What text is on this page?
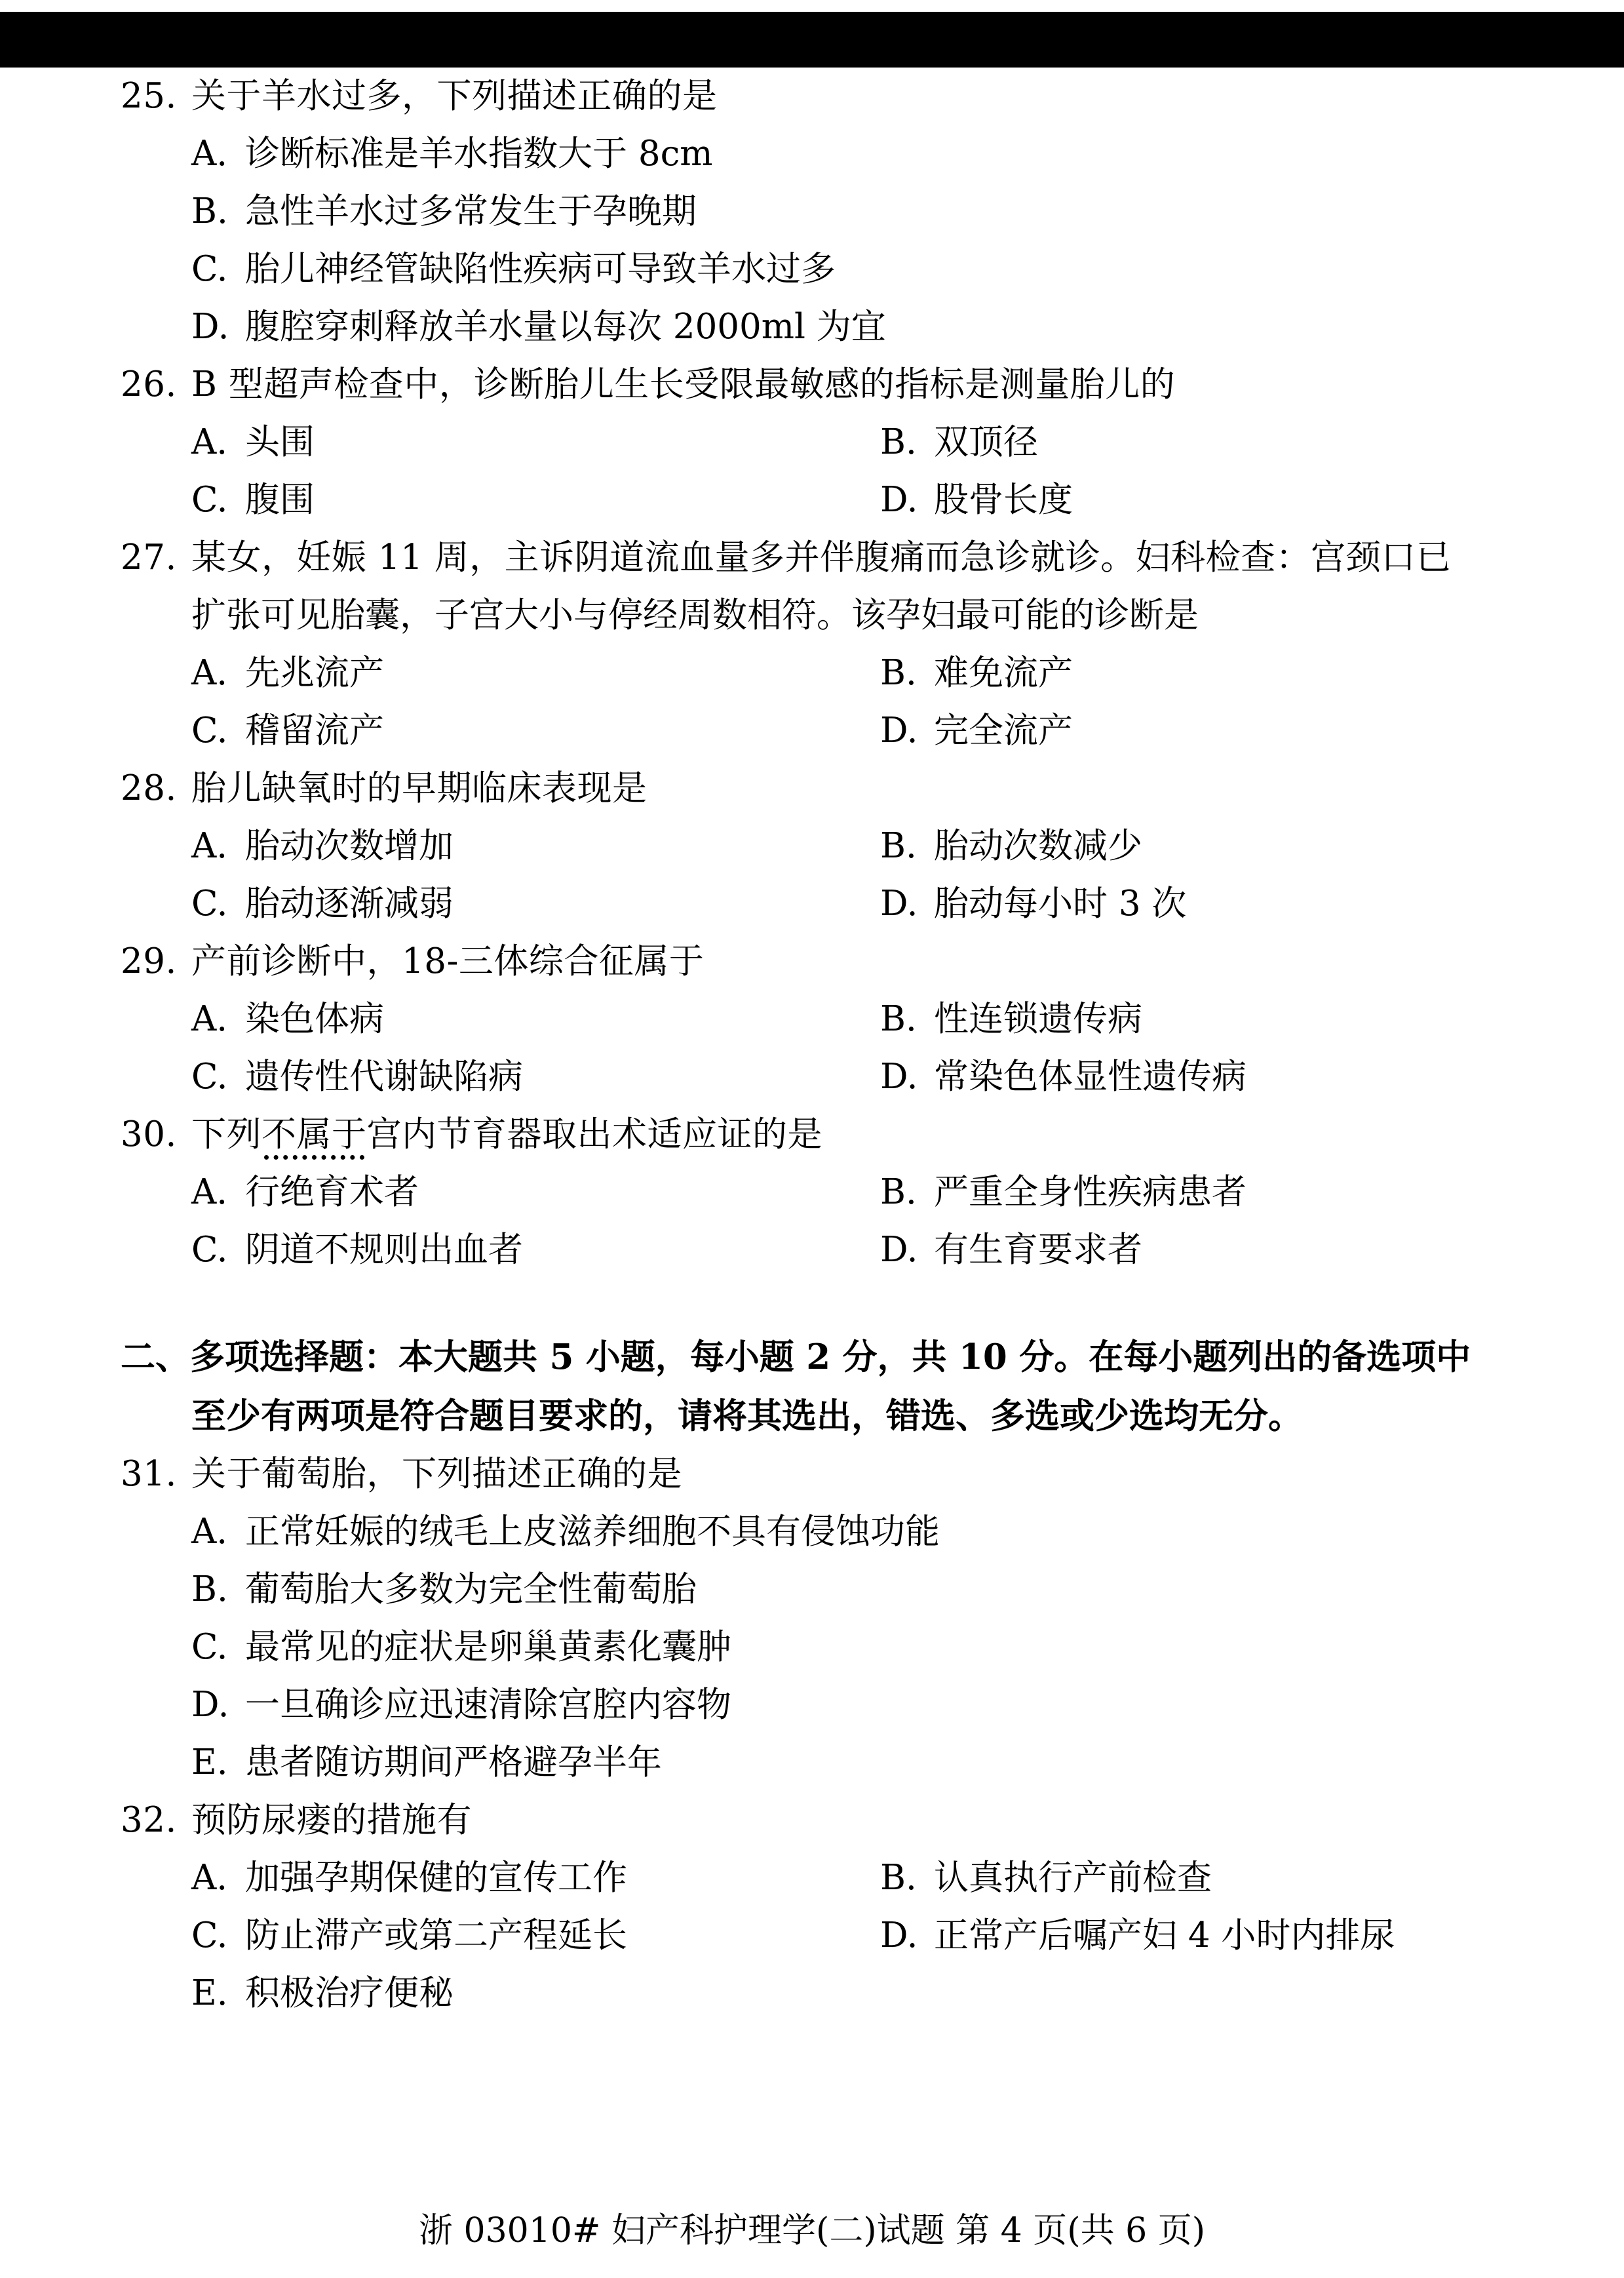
25. 关于羊水过多，下列描述正确的是
A. 诊断标准是羊水指数大于 8cm
B. 急性羊水过多常发生于孕晚期
C. 胎儿神经管缺陷性疾病可导致羊水过多
D. 腹腔穿刺释放羊水量以每次 2000ml 为宜
26. B 型超声检查中，诊断胎儿生长受限最敏感的指标是测量胎儿的
A. 头围	B. 双顶径
C. 腹围	D. 股骨长度
27. 某女，妊娠 11 周，主诉阴道流血量多并伴腹痛而急诊就诊。妇科检查：宫颈口已
扩张可见胎囊，子宫大小与停经周数相符。该孕妇最可能的诊断是
A. 先兆流产	B. 难免流产
C. 稽留流产	D. 完全流产
28. 胎儿缺氧时的早期临床表现是
A. 胎动次数增加	B. 胎动次数减少
C. 胎动逐渐减弱	D. 胎动每小时 3 次
29. 产前诊断中，18-三体综合征属于
A. 染色体病	B. 性连锁遗传病
C. 遗传性代谢缺陷病	D. 常染色体显性遗传病
30. 下列不属于宫内节育器取出术适应证的是
A. 行绝育术者	B. 严重全身性疾病患者
C. 阴道不规则出血者	D. 有生育要求者
二、多项选择题：本大题共 5 小题，每小题 2 分，共 10 分。在每小题列出的备选项中
至少有两项是符合题目要求的，请将其选出，错选、多选或少选均无分。
31. 关于葡萄胎，下列描述正确的是
A. 正常妊娠的绒毛上皮滋养细胞不具有侵蚀功能
B. 葡萄胎大多数为完全性葡萄胎
C. 最常见的症状是卵巢黄素化囊肿
D. 一旦确诊应迅速清除宫腔内容物
E. 患者随访期间严格避孕半年
32. 预防尿瘘的措施有
A. 加强孕期保健的宣传工作	B. 认真执行产前检查
C. 防止滞产或第二产程延长	D. 正常产后嘱产妇 4 小时内排尿
E. 积极治疗便秘
浙 03010# 妇产科护理学(二)试题 第 4 页(共 6 页)
